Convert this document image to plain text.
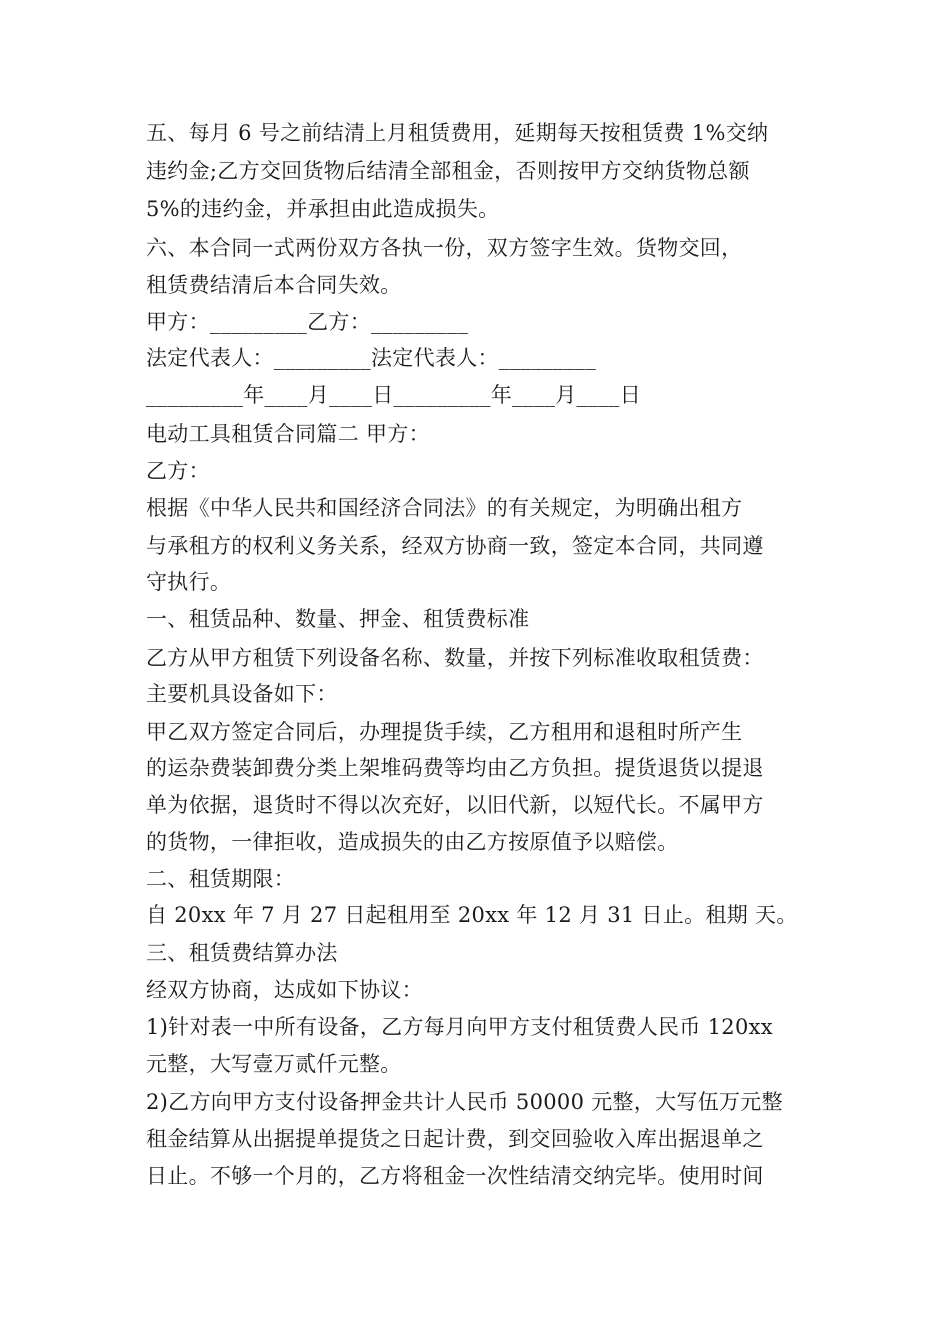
五、每月 6 号之前结清上月租赁费用，延期每天按租赁费 1%交纳
违约金;乙方交回货物后结清全部租金，否则按甲方交纳货物总额
5%的违约金，并承担由此造成损失。
六、本合同一式两份双方各执一份，双方签字生效。货物交回，
租赁费结清后本合同失效。
甲方：_________乙方：_________
法定代表人：_________法定代表人：_________
_________年____月____日_________年____月____日
电动工具租赁合同篇二 甲方：
乙方：
根据《中华人民共和国经济合同法》的有关规定，为明确出租方
与承租方的权利义务关系，经双方协商一致，签定本合同，共同遵
守执行。
一、租赁品种、数量、押金、租赁费标准
乙方从甲方租赁下列设备名称、数量，并按下列标准收取租赁费：
主要机具设备如下：
甲乙双方签定合同后，办理提货手续，乙方租用和退租时所产生
的运杂费装卸费分类上架堆码费等均由乙方负担。提货退货以提退
单为依据，退货时不得以次充好，以旧代新，以短代长。不属甲方
的货物，一律拒收，造成损失的由乙方按原值予以赔偿。
二、租赁期限：
自 20xx 年 7 月 27 日起租用至 20xx 年 12 月 31 日止。租期 天。
三、租赁费结算办法
经双方协商，达成如下协议：
1)针对表一中所有设备，乙方每月向甲方支付租赁费人民币 120xx
元整，大写壹万贰仟元整。
2)乙方向甲方支付设备押金共计人民币 50000 元整，大写伍万元整
租金结算从出据提单提货之日起计费，到交回验收入库出据退单之
日止。不够一个月的，乙方将租金一次性结清交纳完毕。使用时间
